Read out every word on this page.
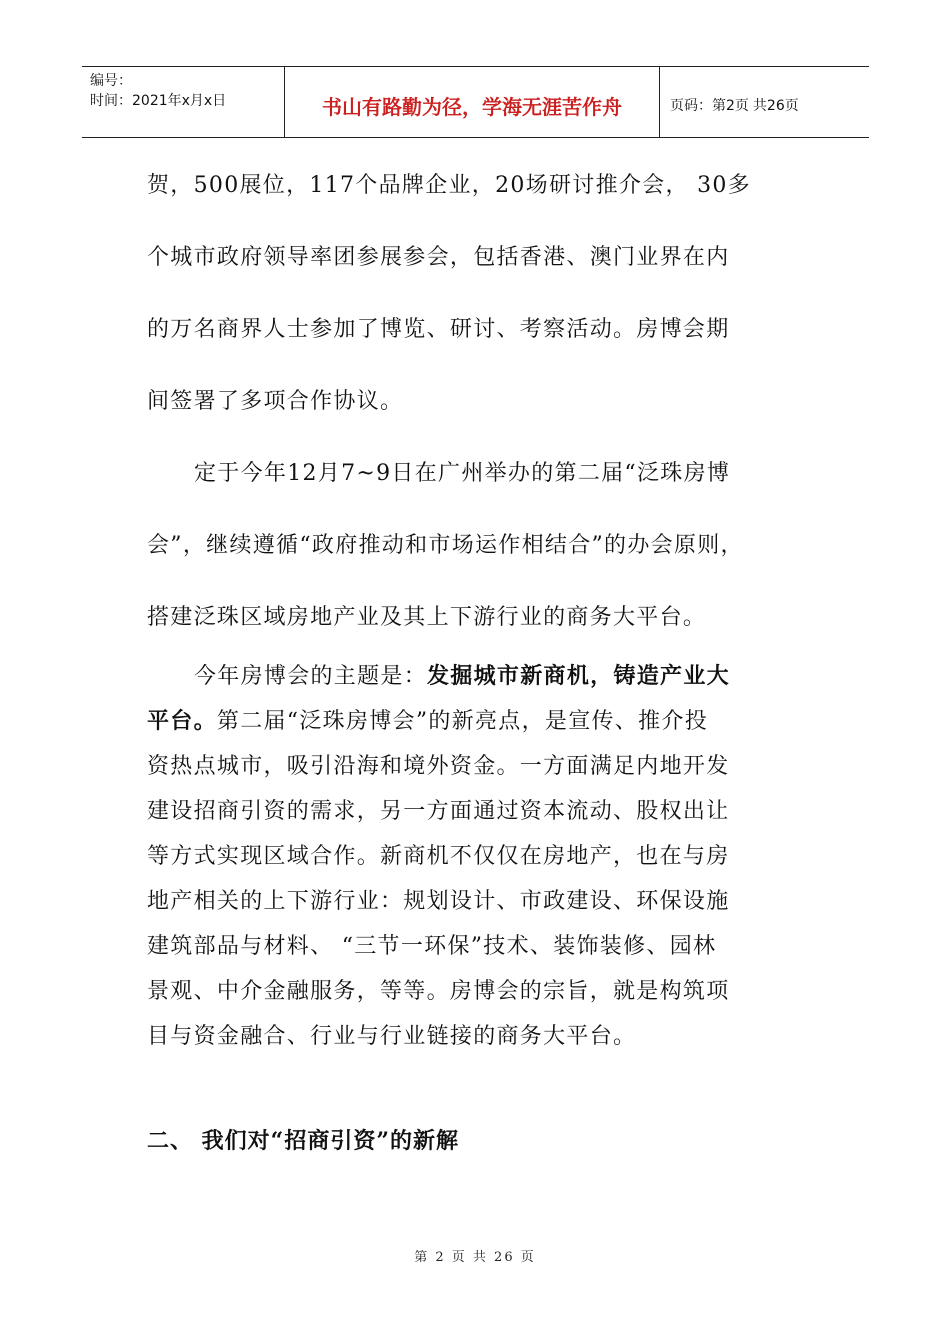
编号：
时间：2021年x月x日	书山有路勤为径，学海无涯苦作舟	页码：第2页 共26页
贺，500展位，117个品牌企业，20场研讨推介会， 30多
个城市政府领导率团参展参会，包括香港、澳门业界在内
的万名商界人士参加了博览、研讨、考察活动。房博会期
间签署了多项合作协议。
定于今年12月7~9日在广州举办的第二届“泛珠房博
会”，继续遵循“政府推动和市场运作相结合”的办会原则，
搭建泛珠区域房地产业及其上下游行业的商务大平台。
今年房博会的主题是：发掘城市新商机，铸造产业大
平台。第二届“泛珠房博会”的新亮点，是宣传、推介投
资热点城市，吸引沿海和境外资金。一方面满足内地开发
建设招商引资的需求，另一方面通过资本流动、股权出让
等方式实现区域合作。新商机不仅仅在房地产，也在与房
地产相关的上下游行业：规划设计、市政建设、环保设施
建筑部品与材料、 “三节一环保”技术、装饰装修、园林
景观、中介金融服务，等等。房博会的宗旨，就是构筑项
目与资金融合、行业与行业链接的商务大平台。
二、 我们对“招商引资”的新解
第 2 页 共 26 页
